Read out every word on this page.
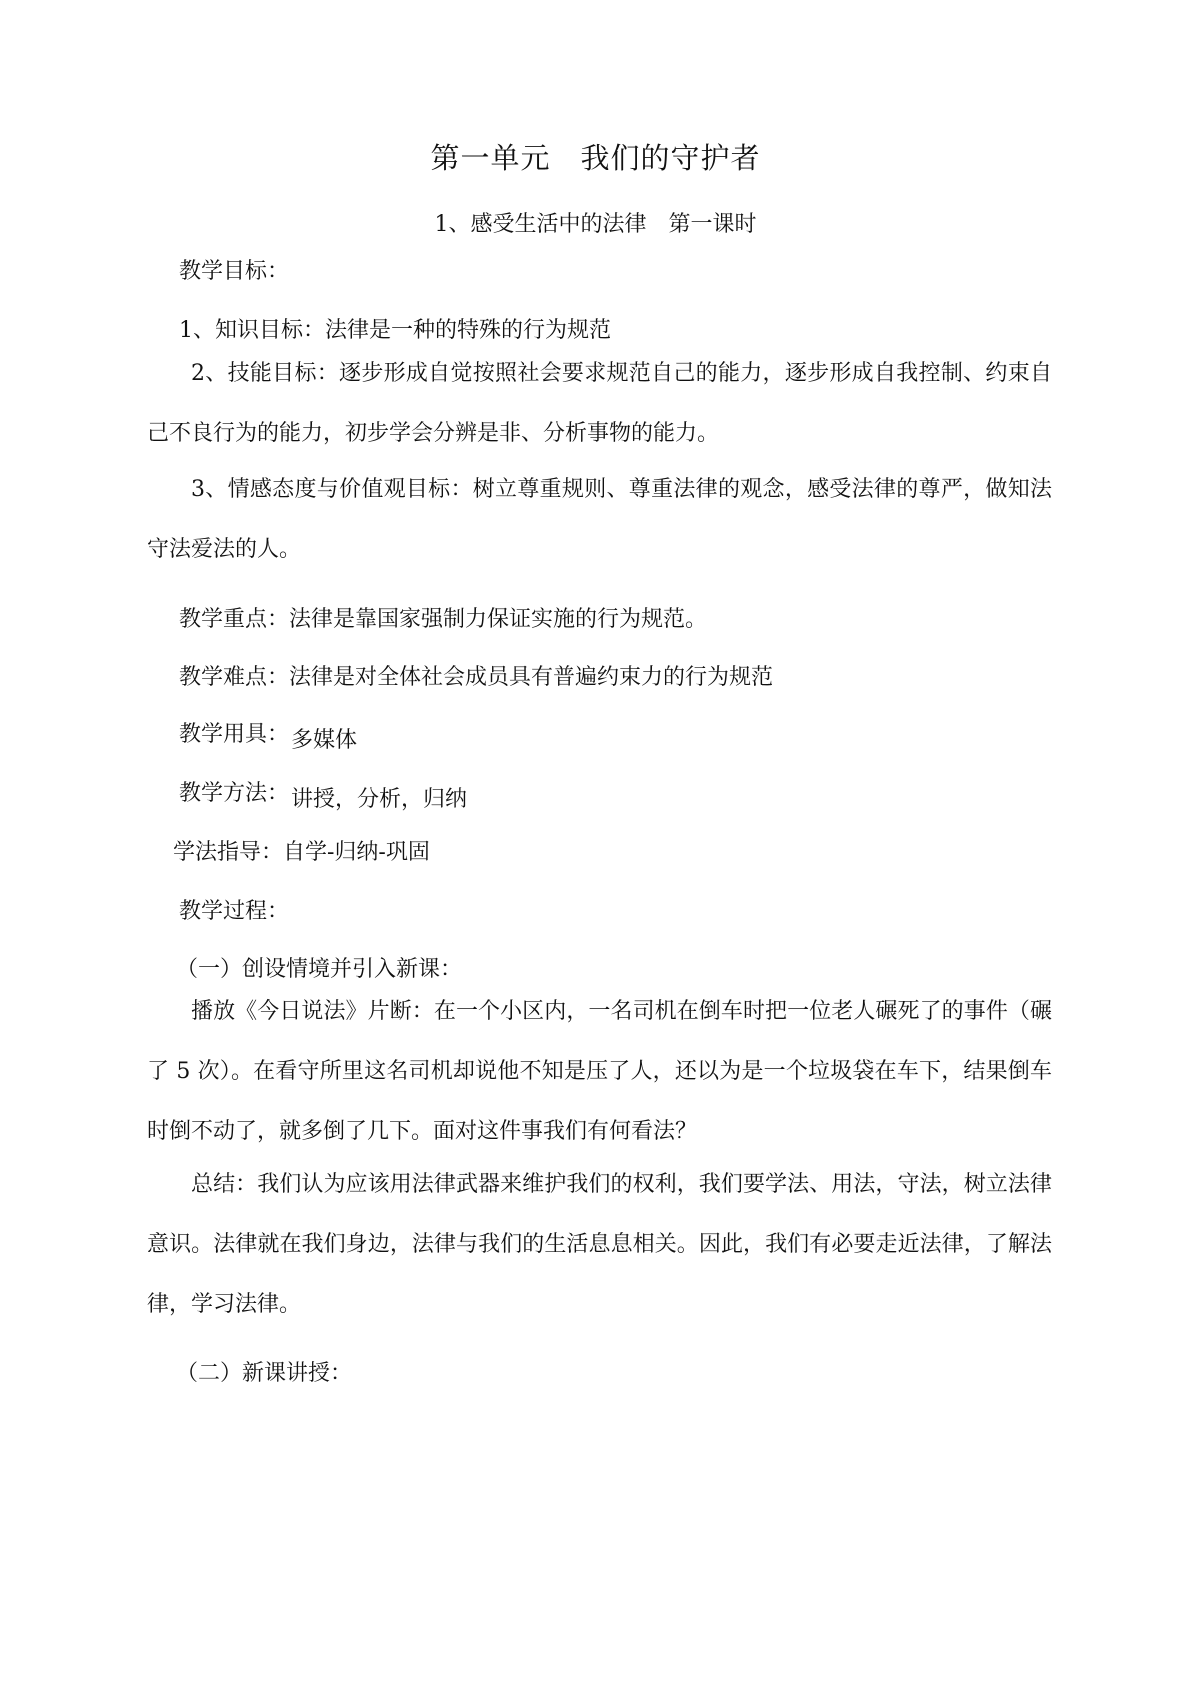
第一单元　我们的守护者
1、感受生活中的法律　第一课时
教学目标：
1、知识目标：法律是一种的特殊的行为规范
2、技能目标：逐步形成自觉按照社会要求规范自己的能力，逐步形成自我控制、约束自己不良行为的能力，初步学会分辨是非、分析事物的能力。
3、情感态度与价值观目标：树立尊重规则、尊重法律的观念，感受法律的尊严，做知法守法爱法的人。
教学重点：法律是靠国家强制力保证实施的行为规范。
教学难点：法律是对全体社会成员具有普遍约束力的行为规范
教学用具： 多媒体
教学方法： 讲授，分析，归纳
学法指导：自学-归纳-巩固
教学过程：
（一）创设情境并引入新课：
播放《今日说法》片断：在一个小区内，一名司机在倒车时把一位老人碾死了的事件（碾了 5 次）。在看守所里这名司机却说他不知是压了人，还以为是一个垃圾袋在车下，结果倒车时倒不动了，就多倒了几下。面对这件事我们有何看法？
总结：我们认为应该用法律武器来维护我们的权利，我们要学法、用法，守法，树立法律意识。法律就在我们身边，法律与我们的生活息息相关。因此，我们有必要走近法律，了解法律，学习法律。
（二）新课讲授：
